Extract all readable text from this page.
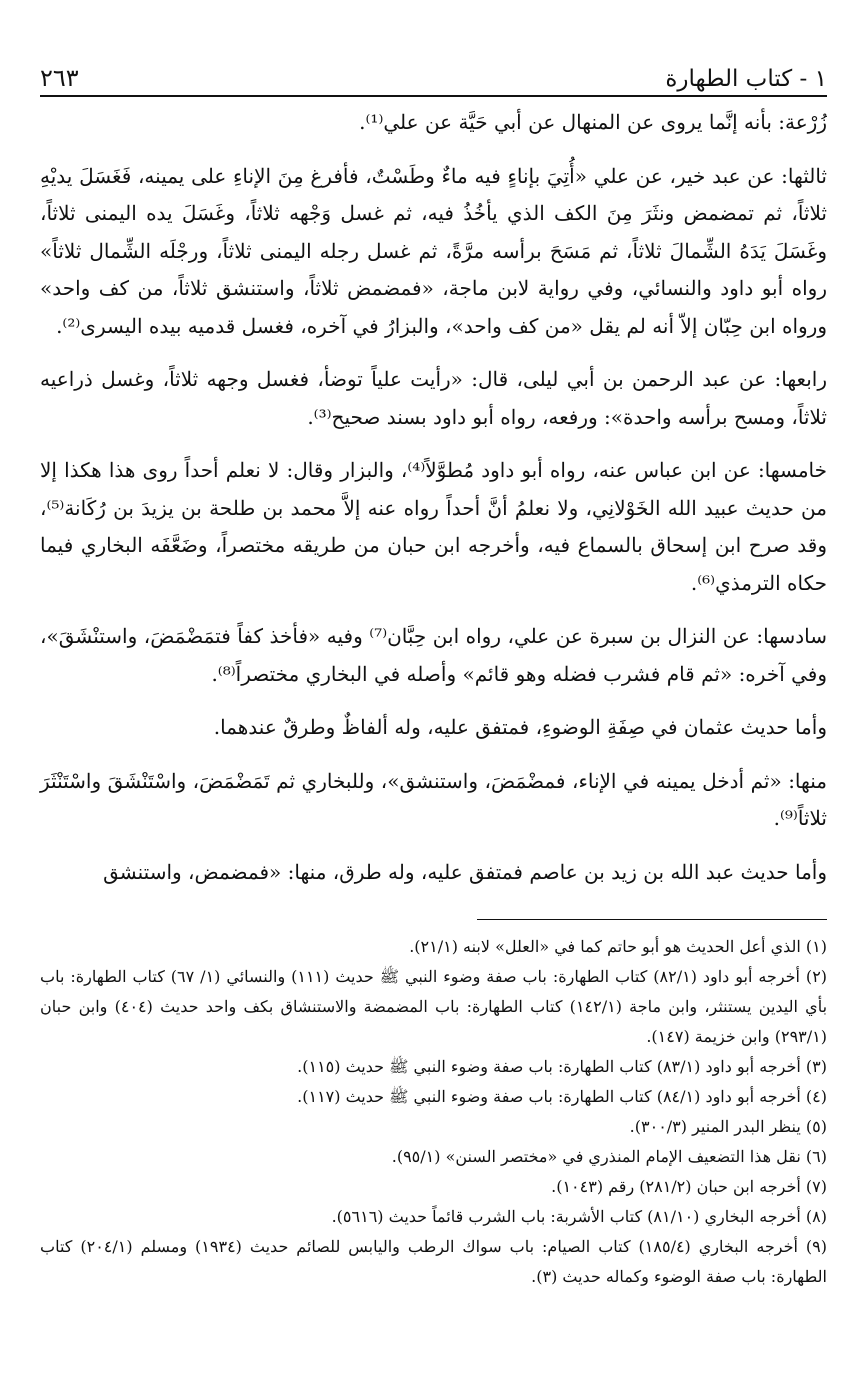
٢٦٣	١ - كتاب الطهارة

زُرْعة: بأنه إنَّما يروى عن المنهال عن أبي حَيَّة عن علي⁽¹⁾.

ثالثها: عن عبد خير، عن علي «أُتِيَ بإناءٍ فيه ماءٌ وطَسْتٌ، فأفرغ مِنَ الإناءِ على يمينه، فَغَسَلَ يديْهِ ثلاثاً، ثم تمضمض ونثَرَ مِنَ الكف الذي يأخُذُ فيه، ثم غسل وَجْهه ثلاثاً، وغَسَلَ يده اليمنى ثلاثاً، وغَسَلَ يَدَهُ الشِّمالَ ثلاثاً، ثم مَسَحَ برأسه مرَّةً، ثم غسل رجله اليمنى ثلاثاً، ورجْلَه الشِّمال ثلاثاً» رواه أبو داود والنسائي، وفي رواية لابن ماجة، «فمضمض ثلاثاً، واستنشق ثلاثاً، من كف واحد» ورواه ابن حِبّان إلاّ أنه لم يقل «من كف واحد»، والبزارُ في آخره، فغسل قدميه بيده اليسرى⁽²⁾.

رابعها: عن عبد الرحمن بن أبي ليلى، قال: «رأيت علياً توضأ، فغسل وجهه ثلاثاً، وغسل ذراعيه ثلاثاً، ومسح برأسه واحدة»: ورفعه، رواه أبو داود بسند صحيح⁽³⁾.

خامسها: عن ابن عباس عنه، رواه أبو داود مُطوَّلاً⁽⁴⁾، والبزار وقال: لا نعلم أحداً روى هذا هكذا إلا من حديث عبيد الله الخَوْلانِي، ولا نعلمُ أنَّ أحداً رواه عنه إلاَّ محمد بن طلحة بن يزيدَ بن رُكَانة⁽⁵⁾، وقد صرح ابن إسحاق بالسماع فيه، وأخرجه ابن حبان من طريقه مختصراً، وضَعَّفَه البخاري فيما حكاه الترمذي⁽⁶⁾.

سادسها: عن النزال بن سبرة عن علي، رواه ابن حِبَّان⁽⁷⁾ وفيه «فأخذ كفاً فتمَضْمَضَ، واستنْشَقَ»، وفي آخره: «ثم قام فشرب فضله وهو قائم» وأصله في البخاري مختصراً⁽⁸⁾.

وأما حديث عثمان في صِفَةِ الوضوءِ، فمتفق عليه، وله ألفاظٌ وطرقٌ عندهما.

منها: «ثم أدخل يمينه في الإناء، فمضْمَضَ، واستنشق»، وللبخاري ثم تَمَضْمَضَ، واسْتَنْشَقَ واسْتَنْثَرَ ثلاثاً⁽⁹⁾.

وأما حديث عبد الله بن زيد بن عاصم فمتفق عليه، وله طرق، منها: «فمضمض، واستنشق

(١) الذي أعل الحديث هو أبو حاتم كما في «العلل» لابنه (٢١/١).

(٢) أخرجه أبو داود (٨٢/١) كتاب الطهارة: باب صفة وضوء النبي ﷺ حديث (١١١) والنسائي (١/ ٦٧) كتاب الطهارة: باب بأي اليدين يستنثر، وابن ماجة (١٤٢/١) كتاب الطهارة: باب المضمضة والاستنشاق بكف واحد حديث (٤٠٤) وابن حبان (٢٩٣/١) وابن خزيمة (١٤٧).

(٣) أخرجه أبو داود (٨٣/١) كتاب الطهارة: باب صفة وضوء النبي ﷺ حديث (١١٥).

(٤) أخرجه أبو داود (٨٤/١) كتاب الطهارة: باب صفة وضوء النبي ﷺ حديث (١١٧).

(٥) ينظر البدر المنير (٣٠٠/٣).

(٦) نقل هذا التضعيف الإمام المنذري في «مختصر السنن» (٩٥/١).

(٧) أخرجه ابن حبان (٢٨١/٢) رقم (١٠٤٣).

(٨) أخرجه البخاري (٨١/١٠) كتاب الأشربة: باب الشرب قائماً حديث (٥٦١٦).

(٩) أخرجه البخاري (١٨٥/٤) كتاب الصيام: باب سواك الرطب واليابس للصائم حديث (١٩٣٤) ومسلم (٢٠٤/١) كتاب الطهارة: باب صفة الوضوء وكماله حديث (٣).
